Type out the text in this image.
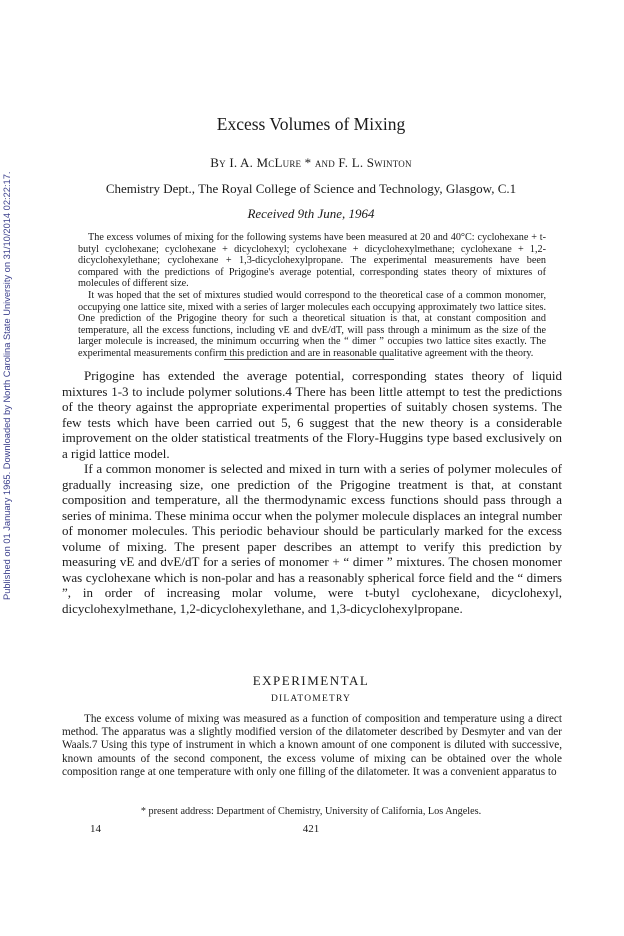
Published on 01 January 1965. Downloaded by North Carolina State University on 31/10/2014 02:22:17.
Excess Volumes of Mixing
By I. A. McLure * and F. L. Swinton
Chemistry Dept., The Royal College of Science and Technology, Glasgow, C.1
Received 9th June, 1964

The excess volumes of mixing for the following systems have been measured at 20 and 40°C: cyclohexane + t-butyl cyclohexane; cyclohexane + dicyclohexyl; cyclohexane + dicyclohexylmethane; cyclohexane + 1,2-dicyclohexylethane; cyclohexane + 1,3-dicyclohexylpropane. The experimental measurements have been compared with the predictions of Prigogine's average potential, corresponding states theory of mixtures of molecules of different size.

It was hoped that the set of mixtures studied would correspond to the theoretical case of a common monomer, occupying one lattice site, mixed with a series of larger molecules each occupying approximately two lattice sites. One prediction of the Prigogine theory for such a theoretical situation is that, at constant composition and temperature, all the excess functions, including vE and dvE/dT, will pass through a minimum as the size of the larger molecule is increased, the minimum occurring when the “ dimer ” occupies two lattice sites exactly. The experimental measurements confirm this prediction and are in reasonable qualitative agreement with the theory.

Prigogine has extended the average potential, corresponding states theory of liquid mixtures 1-3 to include polymer solutions.4 There has been little attempt to test the predictions of the theory against the appropriate experimental properties of suitably chosen systems. The few tests which have been carried out 5, 6 suggest that the new theory is a considerable improvement on the older statistical treatments of the Flory-Huggins type based exclusively on a rigid lattice model.

If a common monomer is selected and mixed in turn with a series of polymer molecules of gradually increasing size, one prediction of the Prigogine treatment is that, at constant composition and temperature, all the thermodynamic excess functions should pass through a series of minima. These minima occur when the polymer molecule displaces an integral number of monomer molecules. This periodic behaviour should be particularly marked for the excess volume of mixing. The present paper describes an attempt to verify this prediction by measuring vE and dvE/dT for a series of monomer + “ dimer ” mixtures. The chosen monomer was cyclohexane which is non-polar and has a reasonably spherical force field and the “ dimers ”, in order of increasing molar volume, were t-butyl cyclohexane, dicyclohexyl, dicyclohexylmethane, 1,2-dicyclohexylethane, and 1,3-dicyclohexylpropane.

EXPERIMENTAL
DILATOMETRY

The excess volume of mixing was measured as a function of composition and temperature using a direct method. The apparatus was a slightly modified version of the dilatometer described by Desmyter and van der Waals.7 Using this type of instrument in which a known amount of one component is diluted with successive, known amounts of the second component, the excess volume of mixing can be obtained over the whole composition range at one temperature with only one filling of the dilatometer. It was a convenient apparatus to

* present address: Department of Chemistry, University of California, Los Angeles.
14	421
